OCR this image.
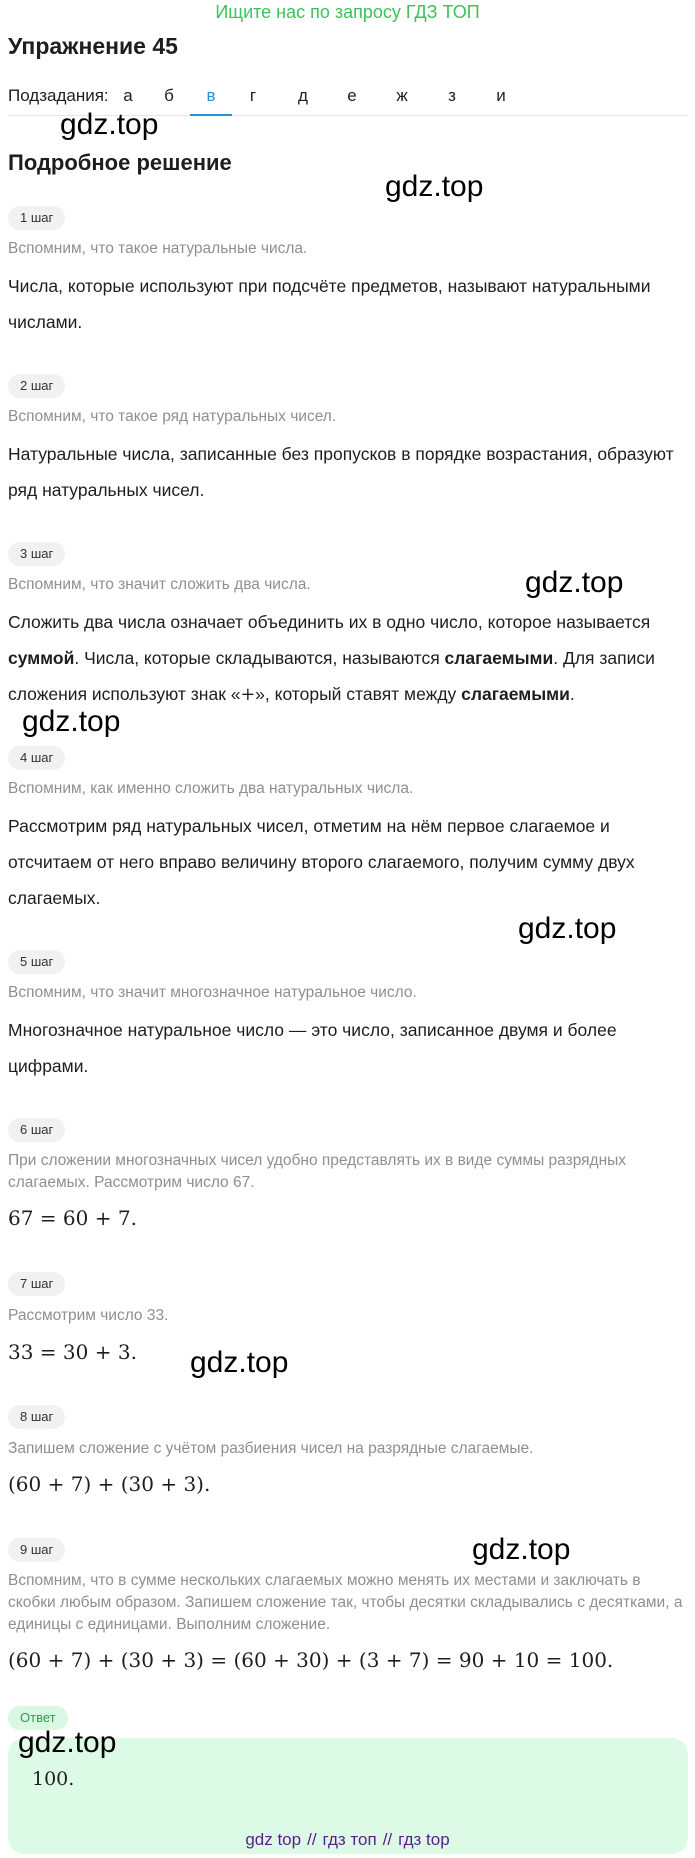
Ищите нас по запросу ГДЗ ТОП
Упражнение 45
Подзадания: а	б	в	г	д	е	ж	з	и
Подробное решение
gdz.top
gdz.top
gdz.top
gdz.top
gdz.top
gdz.top
gdz.top
gdz.top
1 шаг
Вспомним, что такое натуральные числа.
Числа, которые используют при подсчёте предметов, называют натуральными числами.
2 шаг
Вспомним, что такое ряд натуральных чисел.
Натуральные числа, записанные без пропусков в порядке возрастания, образуют ряд натуральных чисел.
3 шаг
Вспомним, что значит сложить два числа.
Сложить два числа означает объединить их в одно число, которое называется суммой. Числа, которые складываются, называются слагаемыми. Для записи сложения используют знак «+», который ставят между слагаемыми.
4 шаг
Вспомним, как именно сложить два натуральных числа.
Рассмотрим ряд натуральных чисел, отметим на нём первое слагаемое и отсчитаем от него вправо величину второго слагаемого, получим сумму двух слагаемых.
5 шаг
Вспомним, что значит многозначное натуральное число.
Многозначное натуральное число — это число, записанное двумя и более цифрами.
6 шаг
При сложении многозначных чисел удобно представлять их в виде суммы разрядных слагаемых. Рассмотрим число 67.
67 = 60 + 7.
7 шаг
Рассмотрим число 33.
33 = 30 + 3.
8 шаг
Запишем сложение с учётом разбиения чисел на разрядные слагаемые.
(60 + 7) + (30 + 3).
9 шаг
Вспомним, что в сумме нескольких слагаемых можно менять их местами и заключать в скобки любым образом. Запишем сложение так, чтобы десятки складывались с десятками, а единицы с единицами. Выполним сложение.
(60 + 7) + (30 + 3) = (60 + 30) + (3 + 7) = 90 + 10 = 100.
Ответ
100.
gdz top // гдз топ // гдз top
